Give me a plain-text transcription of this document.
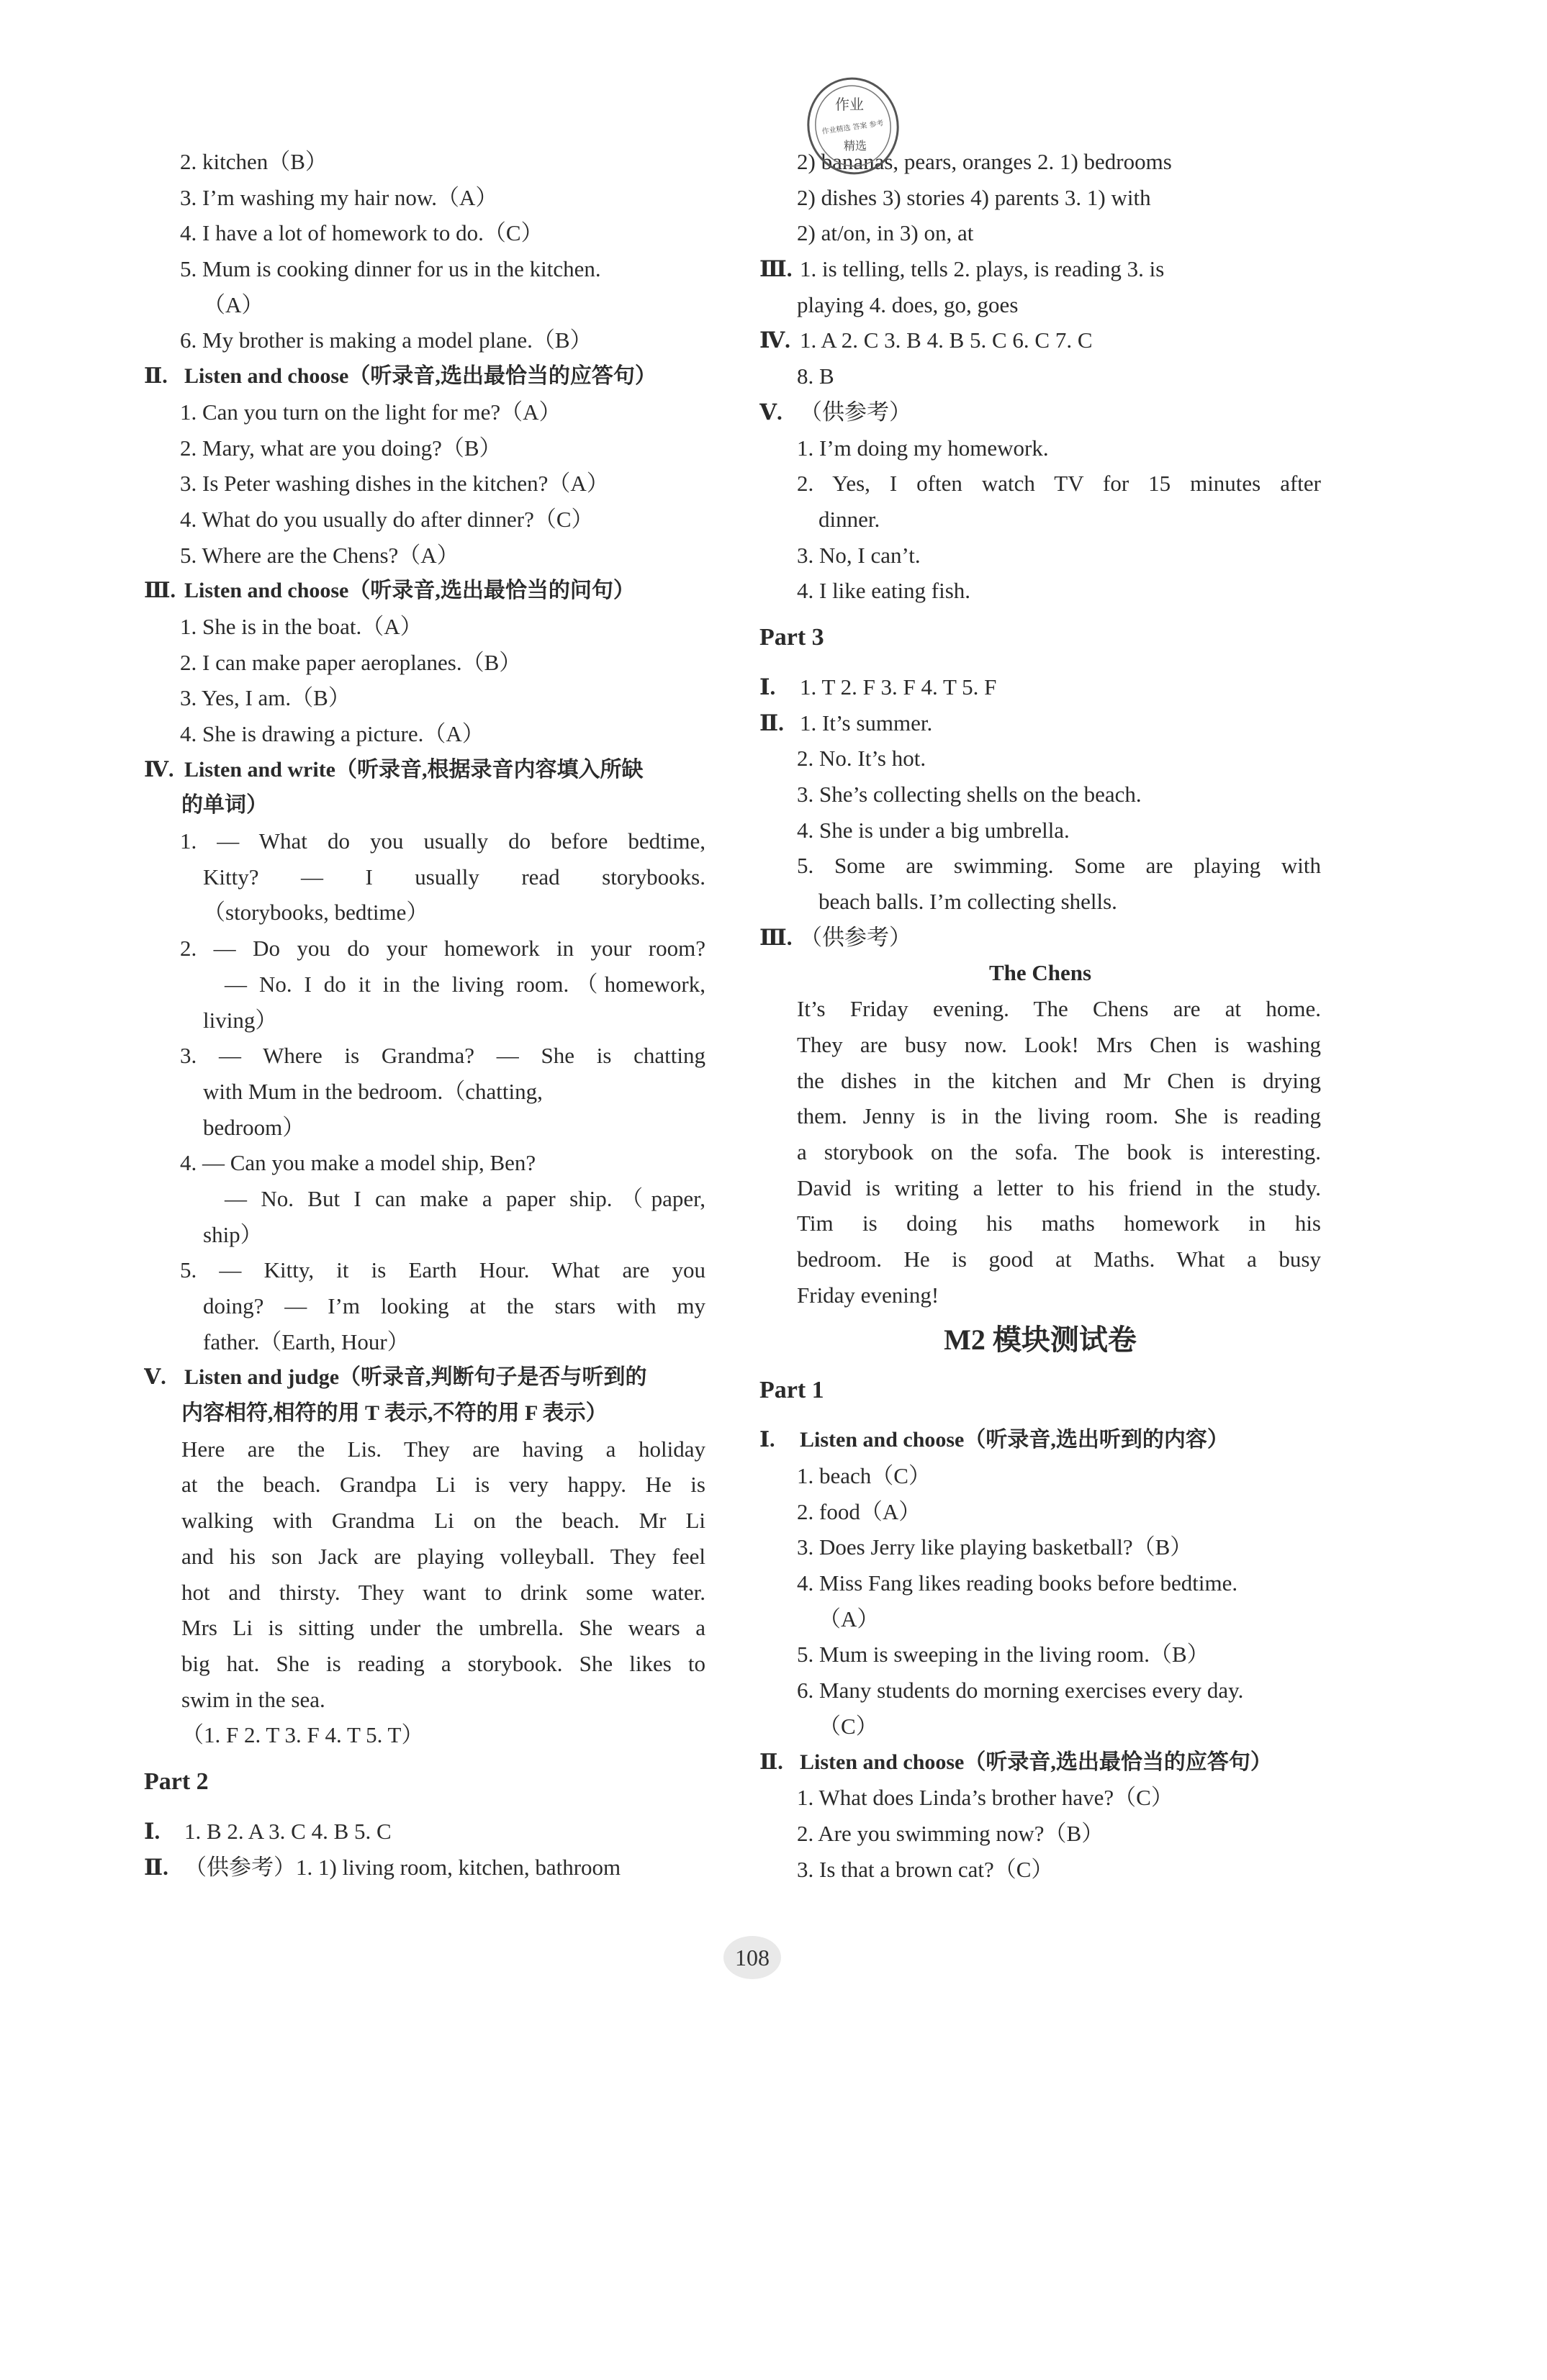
2. kitchen（B）
3. I’m washing my hair now.（A）
4. I have a lot of homework to do.（C）
5. Mum is cooking dinner for us in the kitchen.
（A）
6. My brother is making a model plane.（B）
Ⅱ. Listen and choose（听录音,选出最恰当的应答句）
1. Can you turn on the light for me?（A）
2. Mary, what are you doing?（B）
3. Is Peter washing dishes in the kitchen?（A）
4. What do you usually do after dinner?（C）
5. Where are the Chens?（A）
Ⅲ. Listen and choose（听录音,选出最恰当的问句）
1. She is in the boat.（A）
2. I can make paper aeroplanes.（B）
3. Yes, I am.（B）
4. She is drawing a picture.（A）
Ⅳ. Listen and write（听录音,根据录音内容填入所缺
的单词）
1. — What do you usually do before bedtime,
Kitty? — I usually read storybooks.
（storybooks, bedtime）
2. — Do you do your homework in your room?
— No. I do it in the living room.（homework,
living）
3. — Where is Grandma? — She is chatting
with Mum in the bedroom.（chatting,
bedroom）
4. — Can you make a model ship, Ben?
— No. But I can make a paper ship.（paper,
ship）
5. — Kitty, it is Earth Hour. What are you
doing? — I’m looking at the stars with my
father.（Earth, Hour）
Ⅴ. Listen and judge（听录音,判断句子是否与听到的
内容相符,相符的用 T 表示,不符的用 F 表示）
Here are the Lis. They are having a holiday
at the beach. Grandpa Li is very happy. He is
walking with Grandma Li on the beach. Mr Li
and his son Jack are playing volleyball. They feel
hot and thirsty. They want to drink some water.
Mrs Li is sitting under the umbrella. She wears a
big hat. She is reading a storybook. She likes to
swim in the sea.
（1. F 2. T 3. F 4. T 5. T）
Part 2
Ⅰ. 1. B 2. A 3. C 4. B 5. C
Ⅱ. （供参考）1. 1) living room, kitchen, bathroom
2) bananas, pears, oranges 2. 1) bedrooms
2) dishes 3) stories 4) parents 3. 1) with
2) at/on, in 3) on, at
Ⅲ. 1. is telling, tells 2. plays, is reading 3. is
playing 4. does, go, goes
Ⅳ. 1. A 2. C 3. B 4. B 5. C 6. C 7. C
8. B
Ⅴ. （供参考）
1. I’m doing my homework.
2. Yes, I often watch TV for 15 minutes after
dinner.
3. No, I can’t.
4. I like eating fish.
Part 3
Ⅰ. 1. T 2. F 3. F 4. T 5. F
Ⅱ. 1. It’s summer.
2. No. It’s hot.
3. She’s collecting shells on the beach.
4. She is under a big umbrella.
5. Some are swimming. Some are playing with
beach balls. I’m collecting shells.
Ⅲ. （供参考）
The Chens
It’s Friday evening. The Chens are at home.
They are busy now. Look! Mrs Chen is washing
the dishes in the kitchen and Mr Chen is drying
them. Jenny is in the living room. She is reading
a storybook on the sofa. The book is interesting.
David is writing a letter to his friend in the study.
Tim is doing his maths homework in his
bedroom. He is good at Maths. What a busy
Friday evening!
M2 模块测试卷
Part 1
Ⅰ. Listen and choose（听录音,选出听到的内容）
1. beach（C）
2. food（A）
3. Does Jerry like playing basketball?（B）
4. Miss Fang likes reading books before bedtime.
（A）
5. Mum is sweeping in the living room.（B）
6. Many students do morning exercises every day.
（C）
Ⅱ. Listen and choose（听录音,选出最恰当的应答句）
1. What does Linda’s brother have?（C）
2. Are you swimming now?（B）
3. Is that a brown cat?（C）
作业
作业精选 答案 参考
精选
108
